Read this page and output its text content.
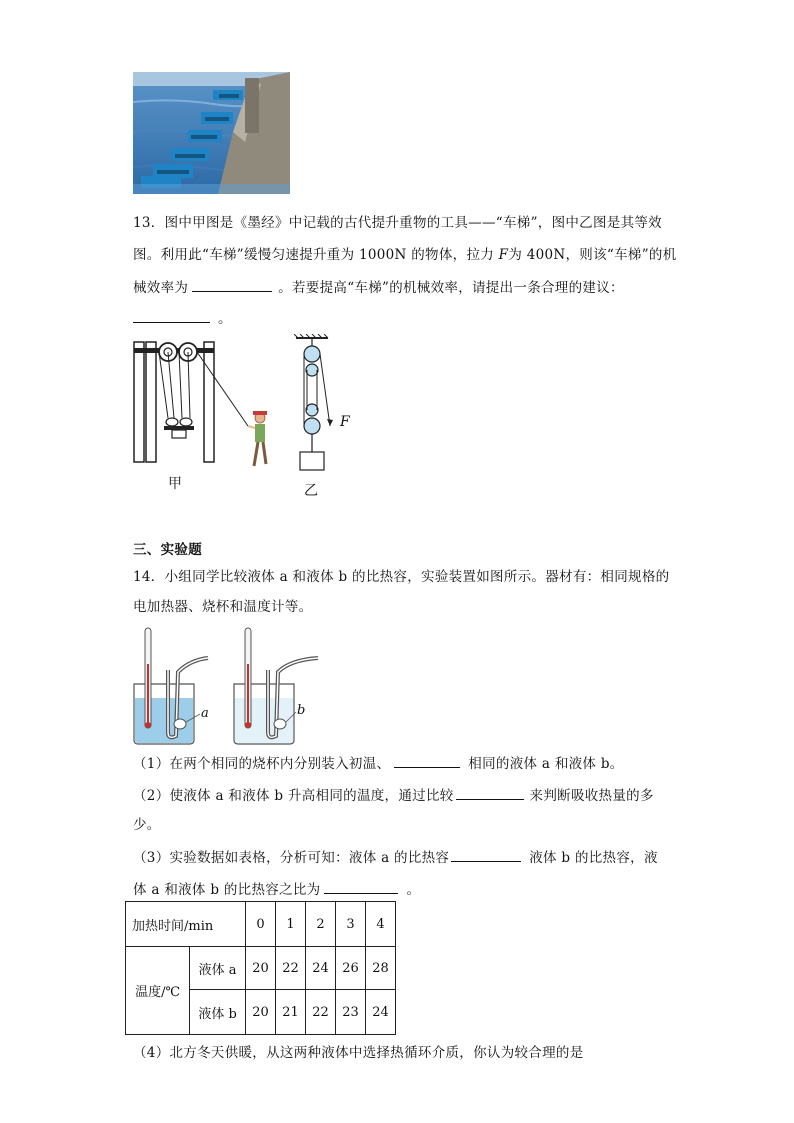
13．图中甲图是《墨经》中记载的古代提升重物的工具——“车梯”，图中乙图是其等效
图。利用此“车梯”缓慢匀速提升重为 1000N 的物体，拉力 F为 400N，则该“车梯”的机
械效率为	。若要提高“车梯”的机械效率，请提出一条合理的建议：
。
甲
F
乙
三、实验题
14．小组同学比较液体 a 和液体 b 的比热容，实验装置如图所示。器材有：相同规格的
电加热器、烧杯和温度计等。
a	b
（1）在两个相同的烧杯内分别装入初温、	相同的液体 a 和液体 b。
（2）使液体 a 和液体 b 升高相同的温度，通过比较	来判断吸收热量的多
少。
（3）实验数据如表格，分析可知：液体 a 的比热容	液体 b 的比热容，液
体 a 和液体 b 的比热容之比为	。
加热时间/min		0	1	2	3	4
温度/℃	液体 a	20	22	24	26	28
	液体 b	20	21	22	23	24
（4）北方冬天供暖，从这两种液体中选择热循环介质，你认为较合理的是
